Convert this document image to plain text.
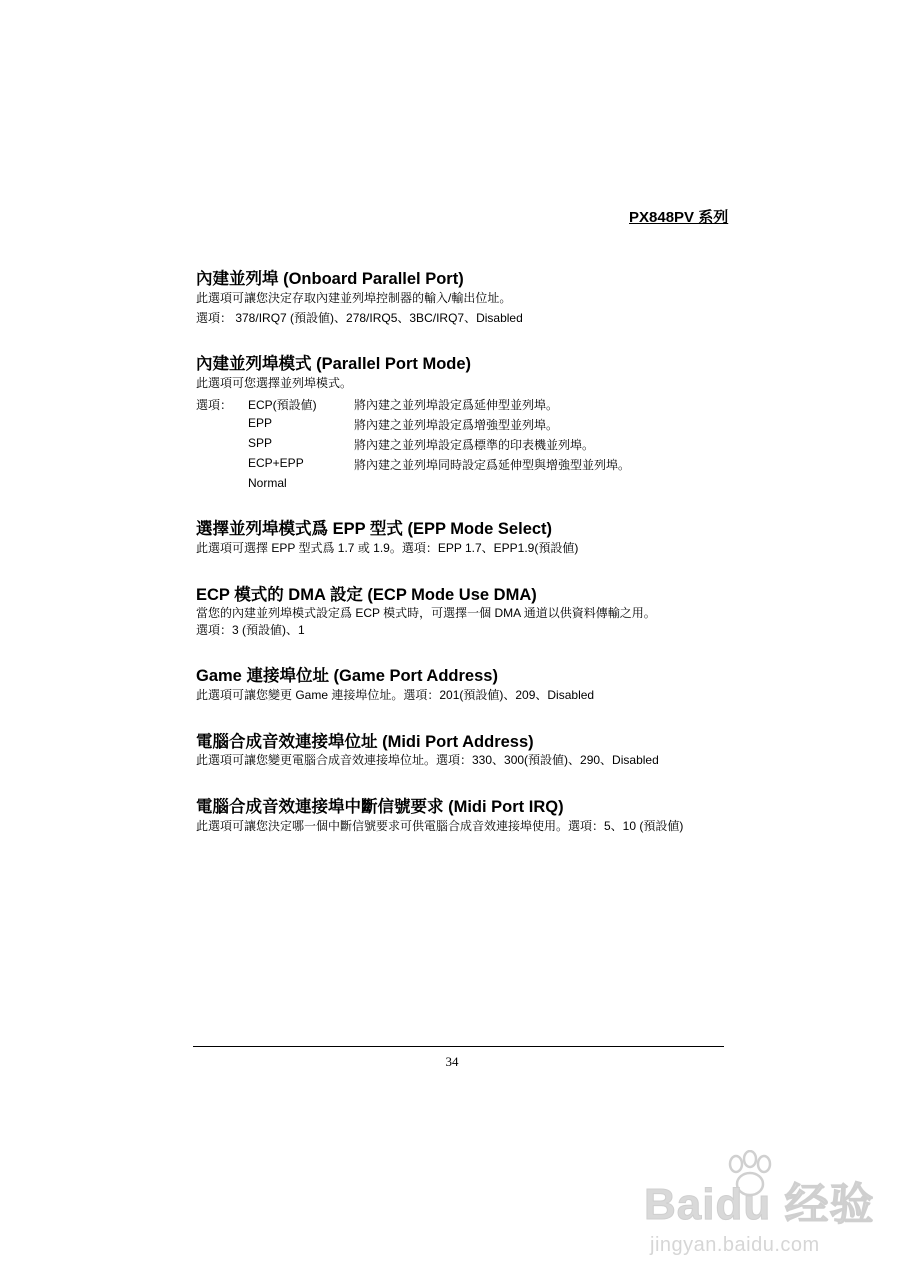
PX848PV 系列
內建並列埠 (Onboard Parallel Port)
此選項可讓您決定存取內建並列埠控制器的輸入/輸出位址。
選項： 378/IRQ7 (預設値)、278/IRQ5、3BC/IRQ7、Disabled
內建並列埠模式 (Parallel Port Mode)
此選項可您選擇並列埠模式。
選項： ECP(預設値)	將內建之並列埠設定爲延伸型並列埠。
EPP	將內建之並列埠設定爲增強型並列埠。
SPP	將內建之並列埠設定爲標準的印表機並列埠。
ECP+EPP	將內建之並列埠同時設定爲延伸型與增強型並列埠。
Normal
選擇並列埠模式爲 EPP 型式 (EPP Mode Select)
此選項可選擇 EPP 型式爲 1.7 或 1.9。選項：EPP 1.7、EPP1.9(預設値)
ECP 模式的 DMA 設定 (ECP Mode Use DMA)
當您的內建並列埠模式設定爲 ECP 模式時，可選擇一個 DMA 通道以供資料傳輸之用。
選項：3 (預設値)、1
Game 連接埠位址 (Game Port Address)
此選項可讓您變更 Game 連接埠位址。選項：201(預設値)、209、Disabled
電腦合成音效連接埠位址 (Midi Port Address)
此選項可讓您變更電腦合成音效連接埠位址。選項：330、300(預設値)、290、Disabled
電腦合成音效連接埠中斷信號要求 (Midi Port IRQ)
此選項可讓您決定哪一個中斷信號要求可供電腦合成音效連接埠使用。選項：5、10 (預設値)
34
Baidu 经验
jingyan.baidu.com
